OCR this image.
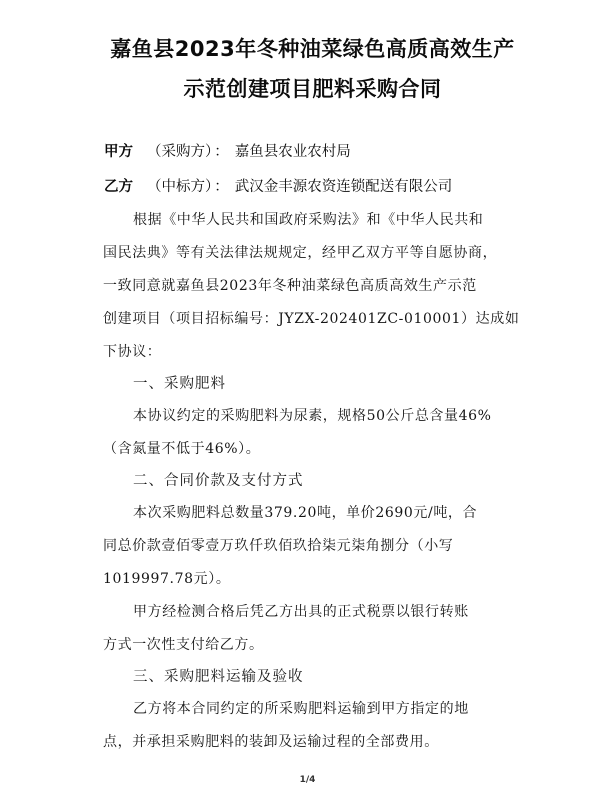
嘉鱼县2023年冬种油菜绿色高质高效生产
示范创建项目肥料采购合同
甲方 （采购方） ： 嘉鱼县农业农村局
乙方 （中标方） ： 武汉金丰源农资连锁配送有限公司
根据《中华人民共和国政府采购法》和《中华人民共和
国民法典》等有关法律法规规定，经甲乙双方平等自愿协商，
一致同意就嘉鱼县2023年冬种油菜绿色高质高效生产示范
创建项目（项目招标编号：JYZX-202401ZC-010001）达成如
下协议：
一、采购肥料
本协议约定的采购肥料为尿素，规格50公斤总含量46%
（含氮量不低于46%）。
二、合同价款及支付方式
本次采购肥料总数量379.20吨，单价2690元/吨，合
同总价款壹佰零壹万玖仟玖佰玖拾柒元柒角捌分（小写
1019997.78元）。
甲方经检测合格后凭乙方出具的正式税票以银行转账
方式一次性支付给乙方。
三、采购肥料运输及验收
乙方将本合同约定的所采购肥料运输到甲方指定的地
点，并承担采购肥料的装卸及运输过程的全部费用。
1/4
